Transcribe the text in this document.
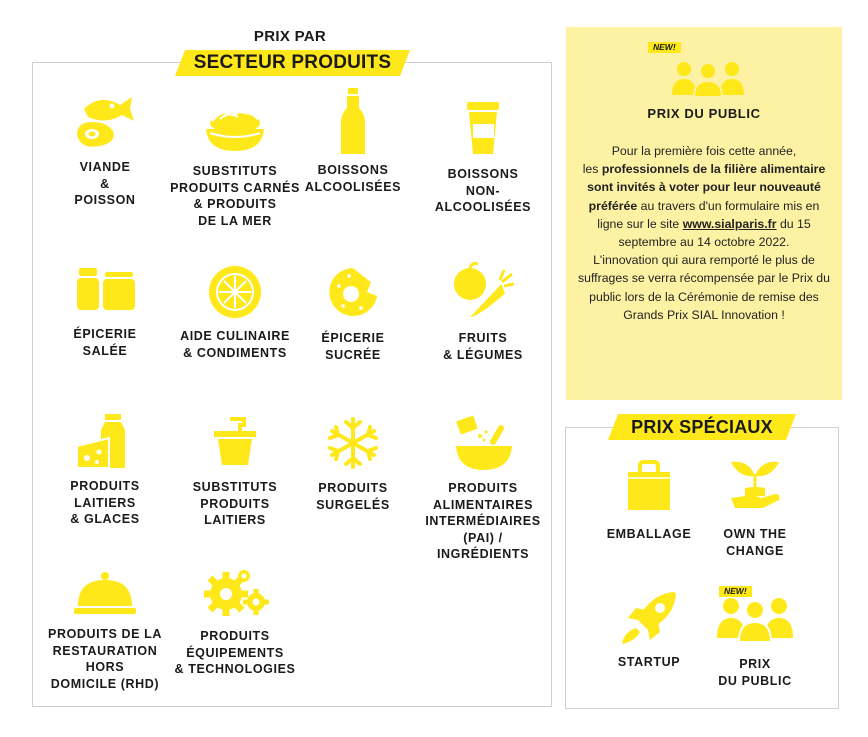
PRIX PAR
SECTEUR PRODUITS
VIANDE
&
POISSON
SUBSTITUTS
PRODUITS CARNÉS
& PRODUITS
DE LA MER
BOISSONS
ALCOOLISÉES
BOISSONS
NON-
ALCOOLISÉES
ÉPICERIE
SALÉE
AIDE CULINAIRE
& CONDIMENTS
ÉPICERIE
SUCRÉE
FRUITS
& LÉGUMES
PRODUITS
LAITIERS
& GLACES
SUBSTITUTS
PRODUITS
LAITIERS
PRODUITS
SURGELÉS
PRODUITS
ALIMENTAIRES
INTERMÉDIAIRES
(PAI) /
INGRÉDIENTS
PRODUITS DE LA
RESTAURATION
HORS
DOMICILE (RHD)
PRODUITS
ÉQUIPEMENTS
& TECHNOLOGIES
NEW!
PRIX DU PUBLIC
Pour la première fois cette année,
les professionnels de la filière alimentaire sont invités à voter pour leur nouveauté préférée au travers d'un formulaire mis en ligne sur le site www.sialparis.fr du 15 septembre au 14 octobre 2022.
L'innovation qui aura remporté le plus de suffrages se verra récompensée par le Prix du public lors de la Cérémonie de remise des Grands Prix SIAL Innovation !
PRIX SPÉCIAUX
EMBALLAGE	OWN THE
CHANGE
STARTUP
NEW!
PRIX
DU PUBLIC
